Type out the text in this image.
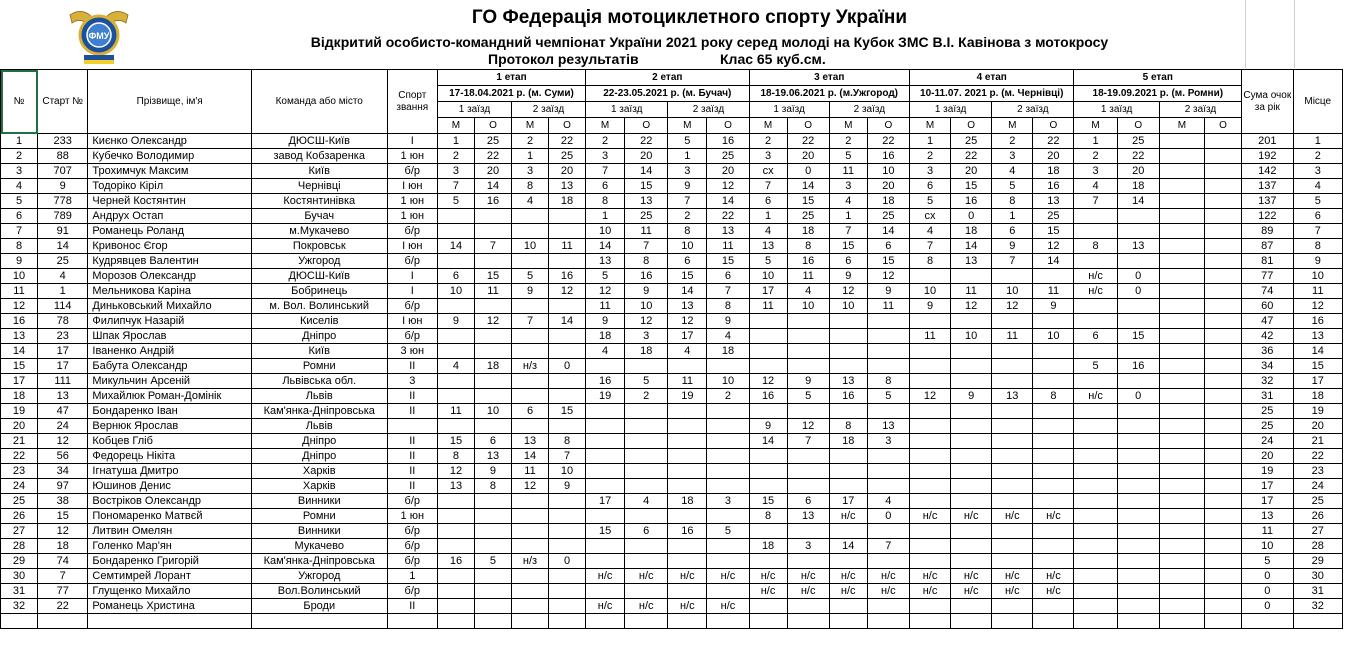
ФМУ
ГО Федерація мотоциклетного спорту України
Відкритий особисто-командний чемпіонат України 2021 року серед молоді на Кубок ЗМС В.І. Кавінова з мотокросу
Протокол результатів	Клас 65 куб.см.
№	Старт №	Прізвище, ім'я	Команда або місто	Спорт звання	1 етап				2 етап				3 етап				4 етап				5 етап				Сума очок за рік	Місце
					17-18.04.2021 р. (м. Суми)				22-23.05.2021 р. (м. Бучач)				18-19.06.2021 р. (м.Ужгород)				10-11.07. 2021 р. (м. Чернівці)				18-19.09.2021 р. (м. Ромни)					
					1 заїзд		2 заїзд		1 заїзд		2 заїзд		1 заїзд		2 заїзд		1 заїзд		2 заїзд		1 заїзд		2 заїзд			
					М	О	М	О	М	О	М	О	М	О	М	О	М	О	М	О	М	О	М	О		
1	233	Києнко Олександр	ДЮСШ-Київ	І	1	25	2	22	2	22	5	16	2	22	2	22	1	25	2	22	1	25			201	1
2	88	Кубечко Володимир	завод Кобзаренка	1 юн	2	22	1	25	3	20	1	25	3	20	5	16	2	22	3	20	2	22			192	2
3	707	Трохимчук Максим	Київ	б/р	3	20	3	20	7	14	3	20	сх	0	11	10	3	20	4	18	3	20			142	3
4	9	Тодоріко Кіріл	Чернівці	І юн	7	14	8	13	6	15	9	12	7	14	3	20	6	15	5	16	4	18			137	4
5	778	Черней Костянтин	Костянтинівка	1 юн	5	16	4	18	8	13	7	14	6	15	4	18	5	16	8	13	7	14			137	5
6	789	Андрух Остап	Бучач	1 юн					1	25	2	22	1	25	1	25	сх	0	1	25					122	6
7	91	Романець Роланд	м.Мукачево	б/р					10	11	8	13	4	18	7	14	4	18	6	15					89	7
8	14	Кривонос Єгор	Покровськ	І юн	14	7	10	11	14	7	10	11	13	8	15	6	7	14	9	12	8	13			87	8
9	25	Кудрявцев Валентин	Ужгород	б/р					13	8	6	15	5	16	6	15	8	13	7	14					81	9
10	4	Морозов Олександр	ДЮСШ-Київ	І	6	15	5	16	5	16	15	6	10	11	9	12					н/с	0			77	10
11	1	Мельникова Каріна	Бобринець	І	10	11	9	12	12	9	14	7	17	4	12	9	10	11	10	11	н/с	0			74	11
12	114	Диньковський Михайло	м. Вол. Волинський	б/р					11	10	13	8	11	10	10	11	9	12	12	9					60	12
16	78	Филипчук Назарій	Киселів	І юн	9	12	7	14	9	12	12	9													47	16
13	23	Шпак Ярослав	Дніпро	б/р					18	3	17	4					11	10	11	10	6	15			42	13
14	17	Іваненко Андрій	Київ	3 юн					4	18	4	18													36	14
15	17	Бабута Олександр	Ромни	ІІ	4	18	н/з	0													5	16			34	15
17	111	Микульчин Арсеній	Львівська обл.	3					16	5	11	10	12	9	13	8									32	17
18	13	Михайлюк Роман-Домінік	Львів	ІІ					19	2	19	2	16	5	16	5	12	9	13	8	н/с	0			31	18
19	47	Бондаренко Іван	Кам'янка-Дніпровська	ІІ	11	10	6	15																	25	19
20	24	Вернюк Ярослав	Львів										9	12	8	13									25	20
21	12	Кобцев Гліб	Дніпро	ІІ	15	6	13	8					14	7	18	3									24	21
22	56	Федорець Нікіта	Дніпро	ІІ	8	13	14	7																	20	22
23	34	Ігнатуша Дмитро	Харків	ІІ	12	9	11	10																	19	23
24	97	Юшинов Денис	Харків	ІІ	13	8	12	9																	17	24
25	38	Востріков Олександр	Винники	б/р					17	4	18	3	15	6	17	4									17	25
26	15	Пономаренко Матвєй	Ромни	1 юн									8	13	н/с	0	н/с	н/с	н/с	н/с					13	26
27	12	Литвин Омелян	Винники	б/р					15	6	16	5													11	27
28	18	Голенко Мар'ян	Мукачево	б/р									18	3	14	7									10	28
29	74	Бондаренко Григорій	Кам'янка-Дніпровська	б/р	16	5	н/з	0																	5	29
30	7	Семтимрей Лорант	Ужгород	1					н/с	н/с	н/с	н/с	н/с	н/с	н/с	н/с	н/с	н/с	н/с	н/с					0	30
31	77	Глущенко Михайло	Вол.Волинський	б/р									н/с	н/с	н/с	н/с	н/с	н/с	н/с	н/с					0	31
32	22	Романець Христина	Броди	ІІ					н/с	н/с	н/с	н/с													0	32
